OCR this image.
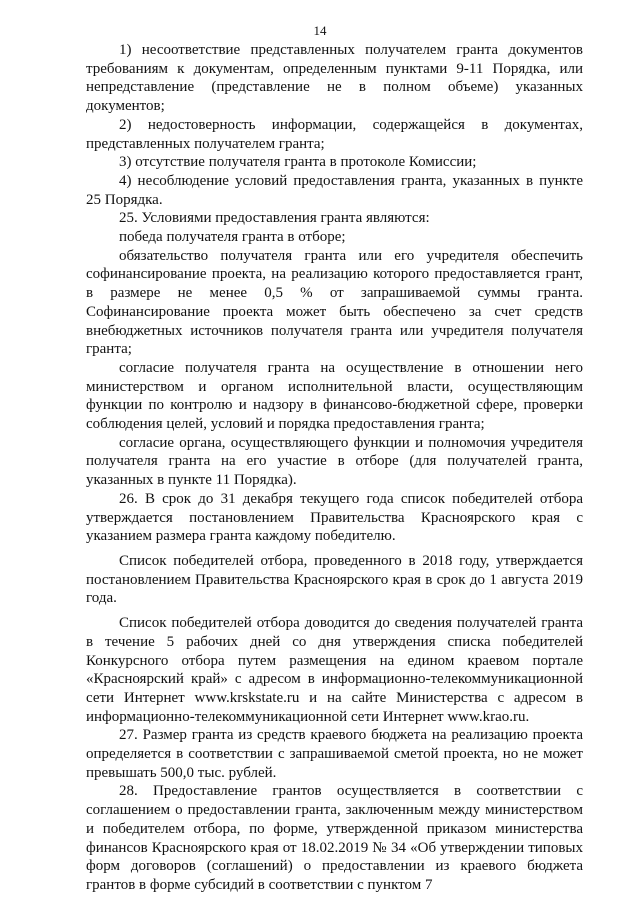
14

1) несоответствие представленных получателем гранта документов требованиям к документам, определенным пунктами 9-11 Порядка, или непредставление (представление не в полном объеме) указанных документов;

2) недостоверность информации, содержащейся в документах, представленных получателем гранта;

3) отсутствие получателя гранта в протоколе Комиссии;

4) несоблюдение условий предоставления гранта, указанных в пункте 25 Порядка.

25. Условиями предоставления гранта являются:

победа получателя гранта в отборе;

обязательство получателя гранта или его учредителя обеспечить софинансирование проекта, на реализацию которого предоставляется грант, в размере не менее 0,5 % от запрашиваемой суммы гранта. Софинансирование проекта может быть обеспечено за счет средств внебюджетных источников получателя гранта или учредителя получателя гранта;

согласие получателя гранта на осуществление в отношении него министерством и органом исполнительной власти, осуществляющим функции по контролю и надзору в финансово-бюджетной сфере, проверки соблюдения целей, условий и порядка предоставления гранта;

согласие органа, осуществляющего функции и полномочия учредителя получателя гранта на его участие в отборе (для получателей гранта, указанных в пункте 11 Порядка).

26. В срок до 31 декабря текущего года список победителей отбора утверждается постановлением Правительства Красноярского края с указанием размера гранта каждому победителю.

Список победителей отбора, проведенного в 2018 году, утверждается постановлением Правительства Красноярского края в срок до 1 августа 2019 года.

Список победителей отбора доводится до сведения получателей гранта в течение 5 рабочих дней со дня утверждения списка победителей Конкурсного отбора путем размещения на едином краевом портале «Красноярский край» с адресом в информационно-телекоммуникационной сети Интернет www.krskstate.ru и на сайте Министерства с адресом в информационно-телекоммуникационной сети Интернет www.krao.ru.

27. Размер гранта из средств краевого бюджета на реализацию проекта определяется в соответствии с запрашиваемой сметой проекта, но не может превышать 500,0 тыс. рублей.

28. Предоставление грантов осуществляется в соответствии с соглашением о предоставлении гранта, заключенным между министерством и победителем отбора, по форме, утвержденной приказом министерства финансов Красноярского края от 18.02.2019 № 34 «Об утверждении типовых форм договоров (соглашений) о предоставлении из краевого бюджета грантов в форме субсидий в соответствии с пунктом 7
